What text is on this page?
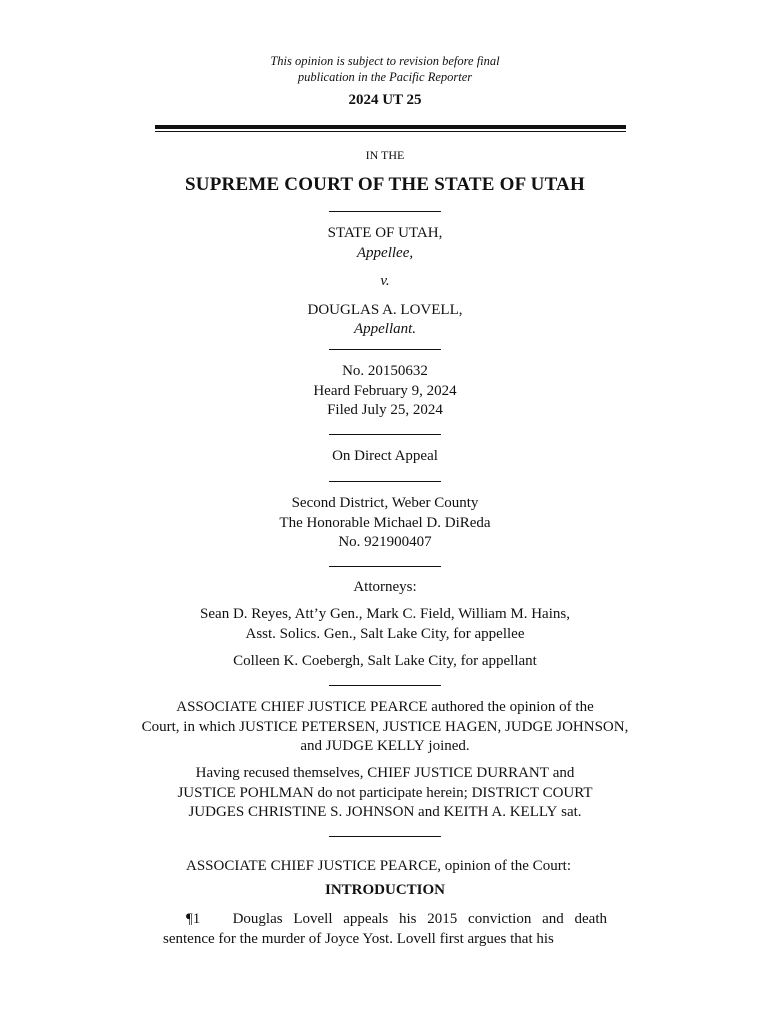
This opinion is subject to revision before final
publication in the Pacific Reporter
2024 UT 25
IN THE
SUPREME COURT OF THE STATE OF UTAH
STATE OF UTAH,
Appellee,
v.
DOUGLAS A. LOVELL,
Appellant.
No. 20150632
Heard February 9, 2024
Filed July 25, 2024
On Direct Appeal
Second District, Weber County
The Honorable Michael D. DiReda
No. 921900407
Attorneys:
Sean D. Reyes, Att’y Gen., Mark C. Field, William M. Hains,
Asst. Solics. Gen., Salt Lake City, for appellee
Colleen K. Coebergh, Salt Lake City, for appellant
ASSOCIATE CHIEF JUSTICE PEARCE authored the opinion of the
Court, in which JUSTICE PETERSEN, JUSTICE HAGEN, JUDGE JOHNSON,
and JUDGE KELLY joined.
Having recused themselves, CHIEF JUSTICE DURRANT and
JUSTICE POHLMAN do not participate herein; DISTRICT COURT
JUDGES CHRISTINE S. JOHNSON and KEITH A. KELLY sat.
ASSOCIATE CHIEF JUSTICE PEARCE, opinion of the Court:
INTRODUCTION
¶1 Douglas Lovell appeals his 2015 conviction and death
sentence for the murder of Joyce Yost. Lovell first argues that his
